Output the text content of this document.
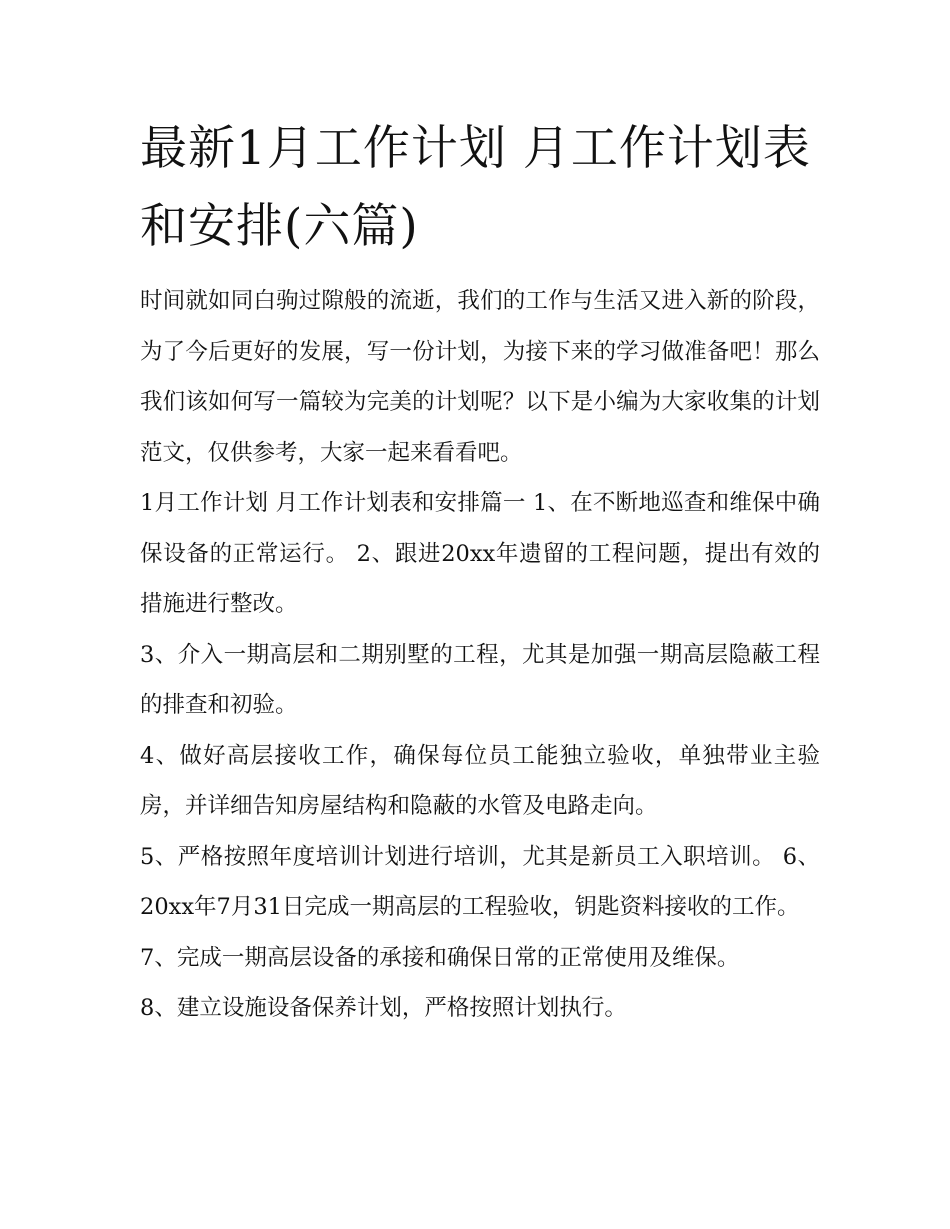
最新1月工作计划 月工作计划表和安排(六篇)

时间就如同白驹过隙般的流逝，我们的工作与生活又进入新的阶段，为了今后更好的发展，写一份计划，为接下来的学习做准备吧！那么我们该如何写一篇较为完美的计划呢？以下是小编为大家收集的计划范文，仅供参考，大家一起来看看吧。

1月工作计划 月工作计划表和安排篇一 1、在不断地巡查和维保中确保设备的正常运行。 2、跟进20xx年遗留的工程问题，提出有效的措施进行整改。

3、介入一期高层和二期别墅的工程，尤其是加强一期高层隐蔽工程的排查和初验。

4、做好高层接收工作，确保每位员工能独立验收，单独带业主验房，并详细告知房屋结构和隐蔽的水管及电路走向。

5、严格按照年度培训计划进行培训，尤其是新员工入职培训。 6、20xx年7月31日完成一期高层的工程验收，钥匙资料接收的工作。

7、完成一期高层设备的承接和确保日常的正常使用及维保。

8、建立设施设备保养计划，严格按照计划执行。
